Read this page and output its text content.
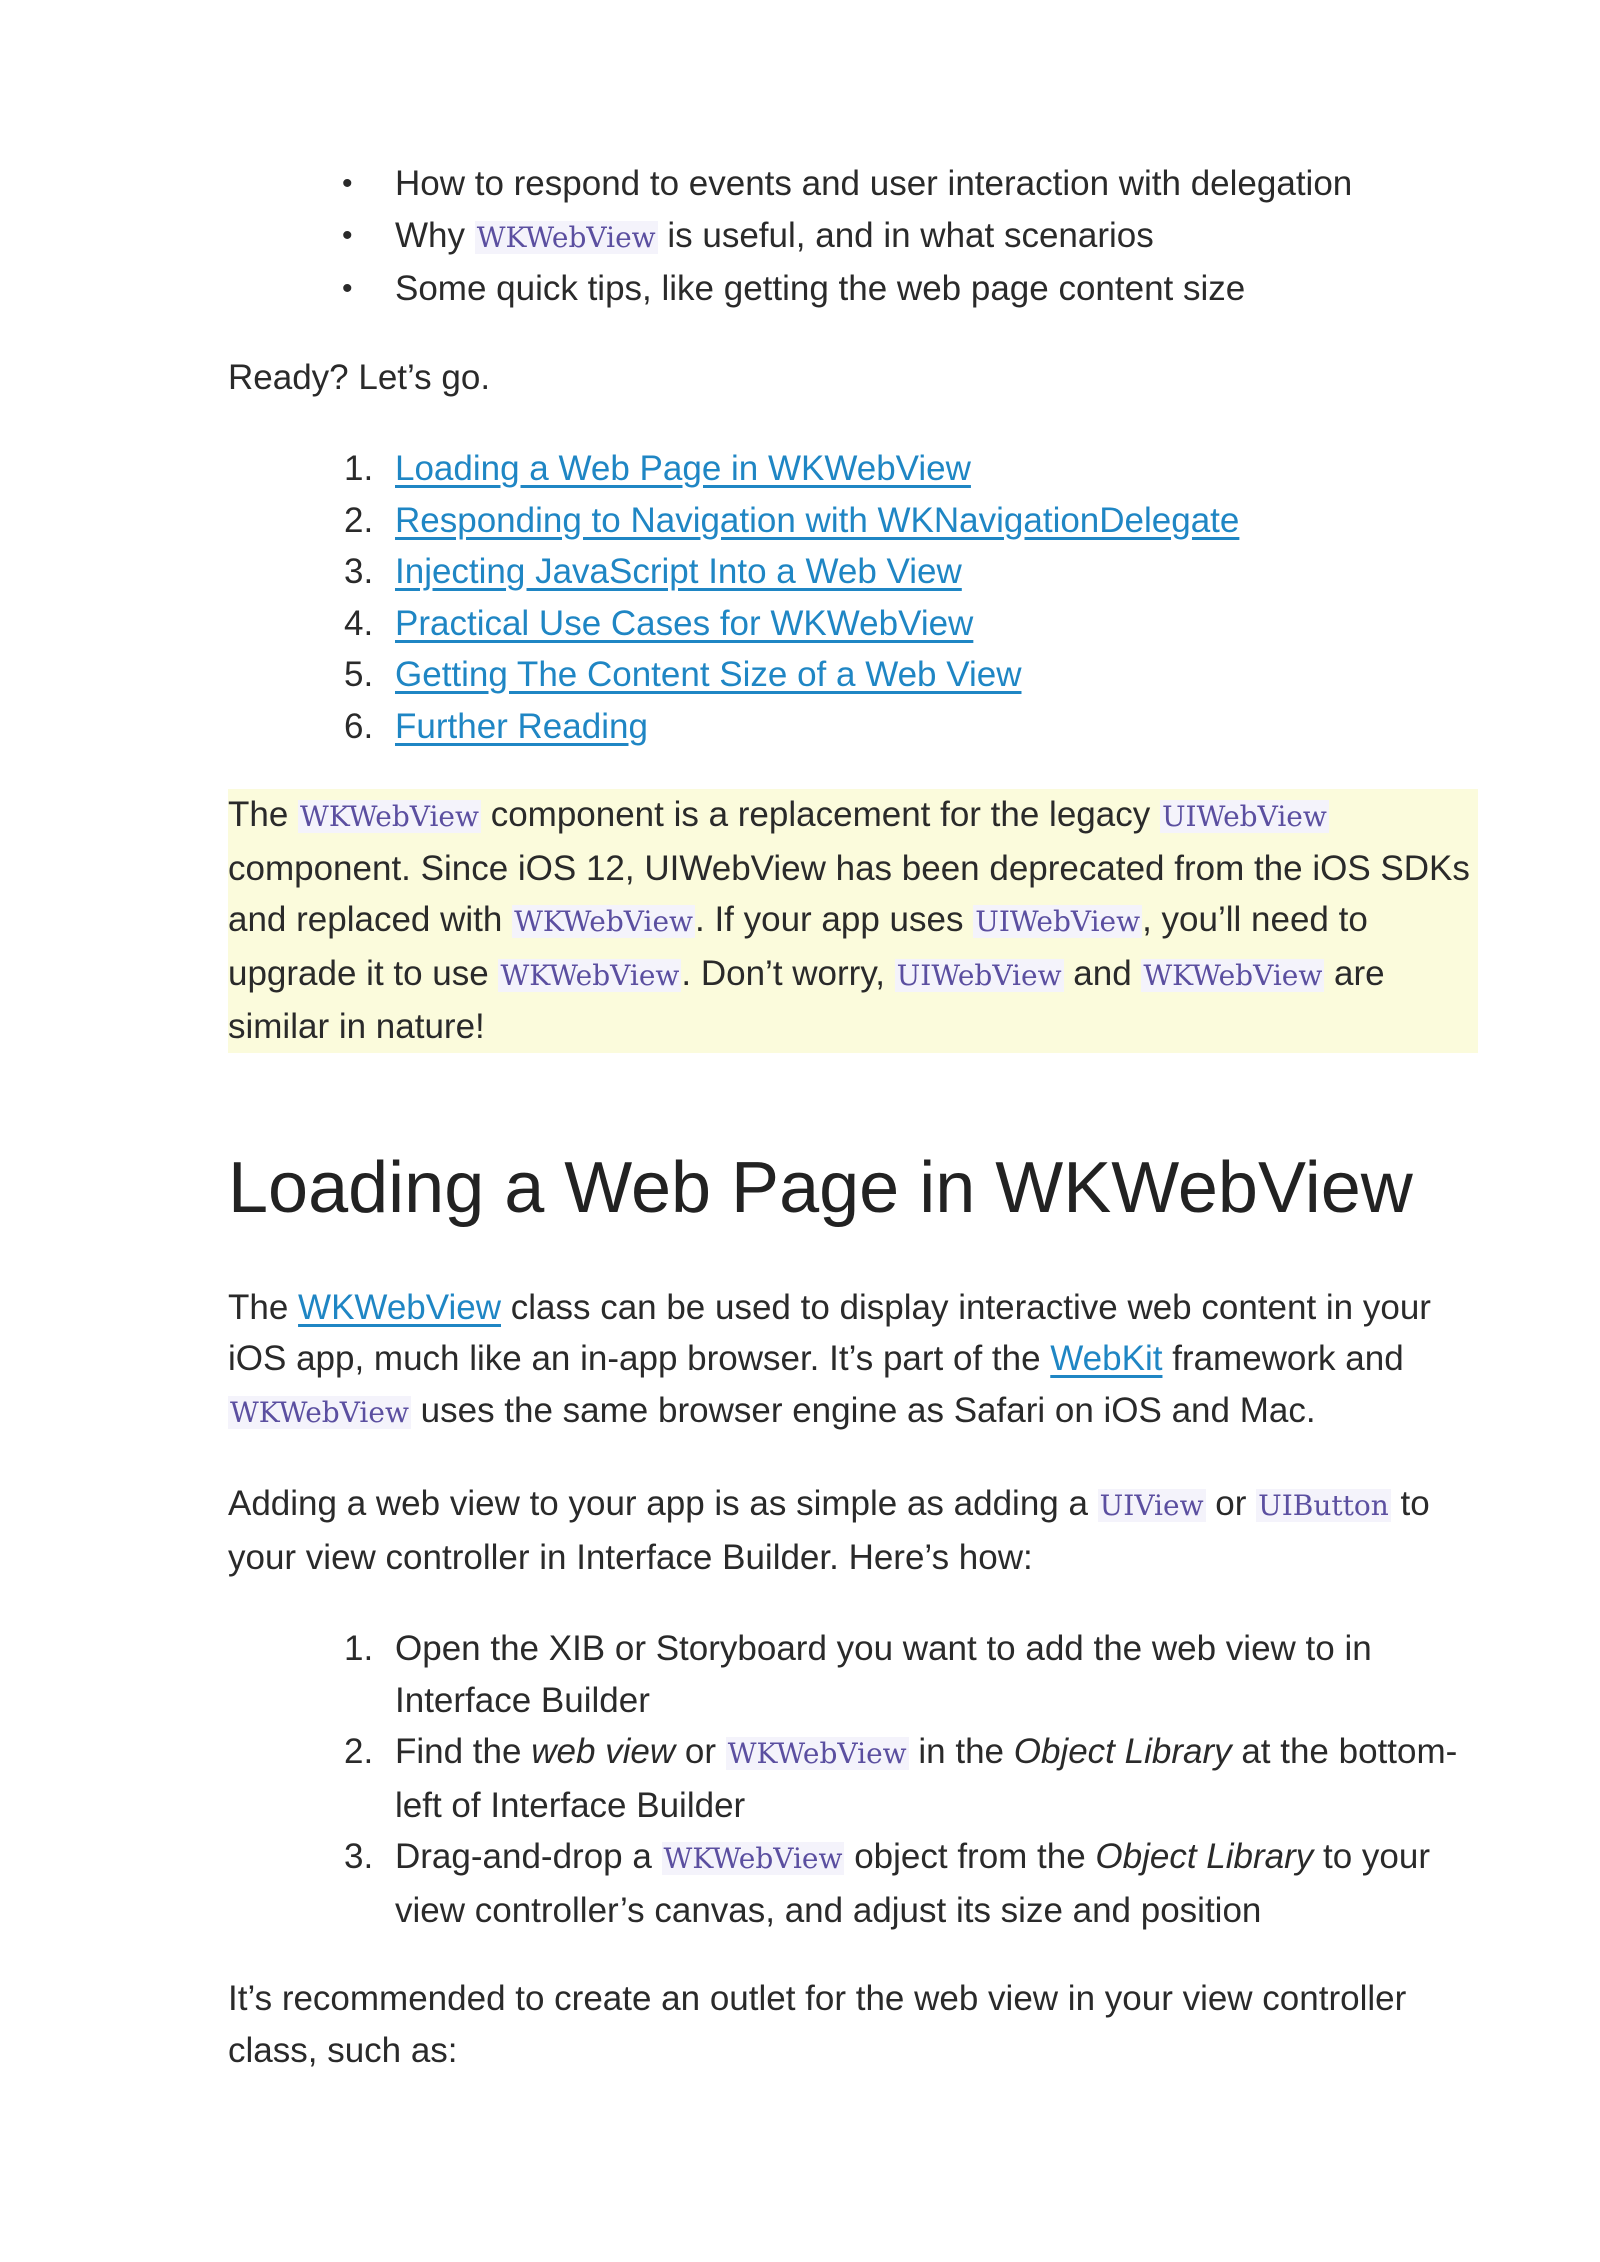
• How to respond to events and user interaction with delegation
• Why WKWebView is useful, and in what scenarios
• Some quick tips, like getting the web page content size

Ready? Let’s go.

1. Loading a Web Page in WKWebView
2. Responding to Navigation with WKNavigationDelegate
3. Injecting JavaScript Into a Web View
4. Practical Use Cases for WKWebView
5. Getting The Content Size of a Web View
6. Further Reading

The WKWebView component is a replacement for the legacy UIWebView component. Since iOS 12, UIWebView has been deprecated from the iOS SDKs and replaced with WKWebView. If your app uses UIWebView, you’ll need to upgrade it to use WKWebView. Don’t worry, UIWebView and WKWebView are similar in nature!

Loading a Web Page in WKWebView

The WKWebView class can be used to display interactive web content in your iOS app, much like an in-app browser. It’s part of the WebKit framework and WKWebView uses the same browser engine as Safari on iOS and Mac.

Adding a web view to your app is as simple as adding a UIView or UIButton to your view controller in Interface Builder. Here’s how:

1. Open the XIB or Storyboard you want to add the web view to in Interface Builder
2. Find the web view or WKWebView in the Object Library at the bottom-left of Interface Builder
3. Drag-and-drop a WKWebView object from the Object Library to your view controller’s canvas, and adjust its size and position

It’s recommended to create an outlet for the web view in your view controller class, such as:
